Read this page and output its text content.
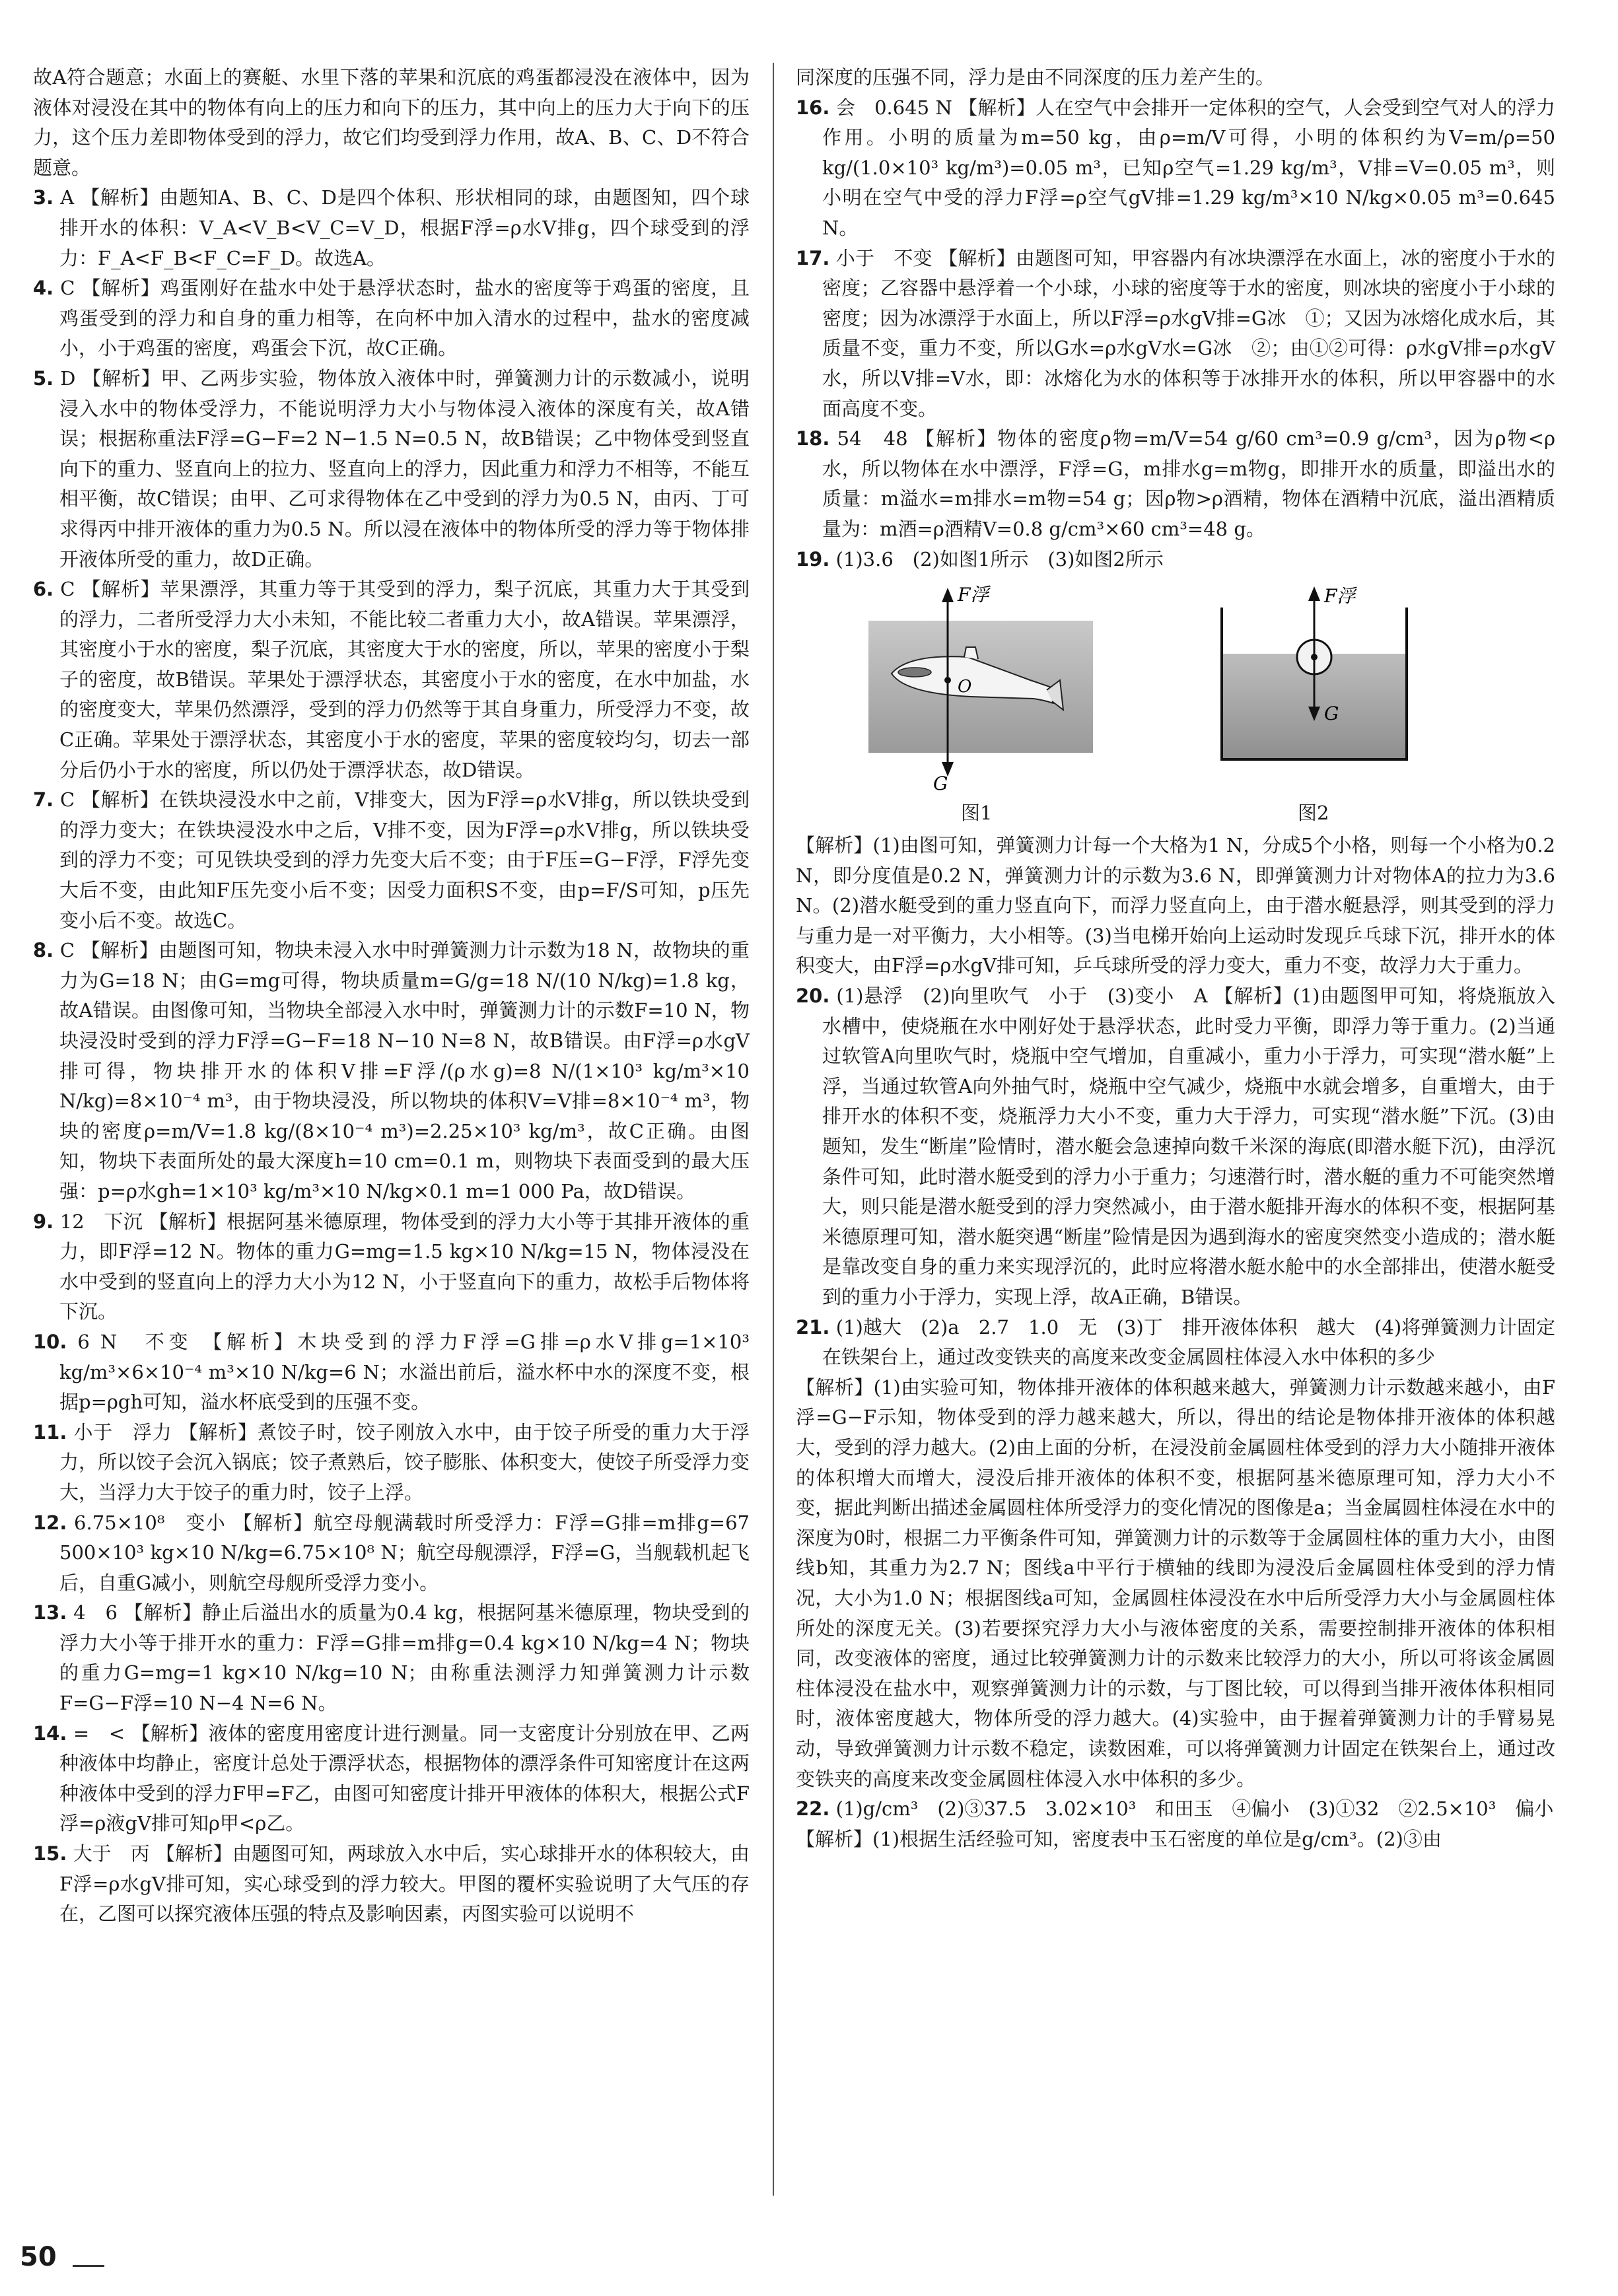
故A符合题意；水面上的赛艇、水里下落的苹果和沉底的鸡蛋都浸没在液体中，因为液体对浸没在其中的物体有向上的压力和向下的压力，其中向上的压力大于向下的压力，这个压力差即物体受到的浮力，故它们均受到浮力作用，故A、B、C、D不符合题意。

3. A 【解析】由题知A、B、C、D是四个体积、形状相同的球，由题图知，四个球排开水的体积：V_A<V_B<V_C=V_D，根据F浮=ρ水V排g，四个球受到的浮力：F_A<F_B<F_C=F_D。故选A。

4. C 【解析】鸡蛋刚好在盐水中处于悬浮状态时，盐水的密度等于鸡蛋的密度，且鸡蛋受到的浮力和自身的重力相等，在向杯中加入清水的过程中，盐水的密度减小，小于鸡蛋的密度，鸡蛋会下沉，故C正确。

5. D 【解析】甲、乙两步实验，物体放入液体中时，弹簧测力计的示数减小，说明浸入水中的物体受浮力，不能说明浮力大小与物体浸入液体的深度有关，故A错误；根据称重法F浮=G−F=2 N−1.5 N=0.5 N，故B错误；乙中物体受到竖直向下的重力、竖直向上的拉力、竖直向上的浮力，因此重力和浮力不相等，不能互相平衡，故C错误；由甲、乙可求得物体在乙中受到的浮力为0.5 N，由丙、丁可求得丙中排开液体的重力为0.5 N。所以浸在液体中的物体所受的浮力等于物体排开液体所受的重力，故D正确。

6. C 【解析】苹果漂浮，其重力等于其受到的浮力，梨子沉底，其重力大于其受到的浮力，二者所受浮力大小未知，不能比较二者重力大小，故A错误。苹果漂浮，其密度小于水的密度，梨子沉底，其密度大于水的密度，所以，苹果的密度小于梨子的密度，故B错误。苹果处于漂浮状态，其密度小于水的密度，在水中加盐，水的密度变大，苹果仍然漂浮，受到的浮力仍然等于其自身重力，所受浮力不变，故C正确。苹果处于漂浮状态，其密度小于水的密度，苹果的密度较均匀，切去一部分后仍小于水的密度，所以仍处于漂浮状态，故D错误。

7. C 【解析】在铁块浸没水中之前，V排变大，因为F浮=ρ水V排g，所以铁块受到的浮力变大；在铁块浸没水中之后，V排不变，因为F浮=ρ水V排g，所以铁块受到的浮力不变；可见铁块受到的浮力先变大后不变；由于F压=G−F浮，F浮先变大后不变，由此知F压先变小后不变；因受力面积S不变，由p=F/S可知，p压先变小后不变。故选C。

8. C 【解析】由题图可知，物块未浸入水中时弹簧测力计示数为18 N，故物块的重力为G=18 N；由G=mg可得，物块质量m=G/g=18 N/(10 N/kg)=1.8 kg，故A错误。由图像可知，当物块全部浸入水中时，弹簧测力计的示数F=10 N，物块浸没时受到的浮力F浮=G−F=18 N−10 N=8 N，故B错误。由F浮=ρ水gV排可得，物块排开水的体积V排=F浮/(ρ水g)=8 N/(1×10³ kg/m³×10 N/kg)=8×10⁻⁴ m³，由于物块浸没，所以物块的体积V=V排=8×10⁻⁴ m³，物块的密度ρ=m/V=1.8 kg/(8×10⁻⁴ m³)=2.25×10³ kg/m³，故C正确。由图知，物块下表面所处的最大深度h=10 cm=0.1 m，则物块下表面受到的最大压强：p=ρ水gh=1×10³ kg/m³×10 N/kg×0.1 m=1 000 Pa，故D错误。

9. 12　下沉 【解析】根据阿基米德原理，物体受到的浮力大小等于其排开液体的重力，即F浮=12 N。物体的重力G=mg=1.5 kg×10 N/kg=15 N，物体浸没在水中受到的竖直向上的浮力大小为12 N，小于竖直向下的重力，故松手后物体将下沉。

10. 6 N　不变 【解析】木块受到的浮力F浮=G排=ρ水V排g=1×10³ kg/m³×6×10⁻⁴ m³×10 N/kg=6 N；水溢出前后，溢水杯中水的深度不变，根据p=ρgh可知，溢水杯底受到的压强不变。

11. 小于　浮力 【解析】煮饺子时，饺子刚放入水中，由于饺子所受的重力大于浮力，所以饺子会沉入锅底；饺子煮熟后，饺子膨胀、体积变大，使饺子所受浮力变大，当浮力大于饺子的重力时，饺子上浮。

12. 6.75×10⁸　变小 【解析】航空母舰满载时所受浮力：F浮=G排=m排g=67 500×10³ kg×10 N/kg=6.75×10⁸ N；航空母舰漂浮，F浮=G，当舰载机起飞后，自重G减小，则航空母舰所受浮力变小。

13. 4　6 【解析】静止后溢出水的质量为0.4 kg，根据阿基米德原理，物块受到的浮力大小等于排开水的重力：F浮=G排=m排g=0.4 kg×10 N/kg=4 N；物块的重力G=mg=1 kg×10 N/kg=10 N；由称重法测浮力知弹簧测力计示数F=G−F浮=10 N−4 N=6 N。

14. =　< 【解析】液体的密度用密度计进行测量。同一支密度计分别放在甲、乙两种液体中均静止，密度计总处于漂浮状态，根据物体的漂浮条件可知密度计在这两种液体中受到的浮力F甲=F乙，由图可知密度计排开甲液体的体积大，根据公式F浮=ρ液gV排可知ρ甲<ρ乙。

15. 大于　丙 【解析】由题图可知，两球放入水中后，实心球排开水的体积较大，由F浮=ρ水gV排可知，实心球受到的浮力较大。甲图的覆杯实验说明了大气压的存在，乙图可以探究液体压强的特点及影响因素，丙图实验可以说明不

同深度的压强不同，浮力是由不同深度的压力差产生的。

16. 会　0.645 N 【解析】人在空气中会排开一定体积的空气，人会受到空气对人的浮力作用。小明的质量为m=50 kg，由ρ=m/V可得，小明的体积约为V=m/ρ=50 kg/(1.0×10³ kg/m³)=0.05 m³，已知ρ空气=1.29 kg/m³，V排=V=0.05 m³，则小明在空气中受的浮力F浮=ρ空气gV排=1.29 kg/m³×10 N/kg×0.05 m³=0.645 N。

17. 小于　不变 【解析】由题图可知，甲容器内有冰块漂浮在水面上，冰的密度小于水的密度；乙容器中悬浮着一个小球，小球的密度等于水的密度，则冰块的密度小于小球的密度；因为冰漂浮于水面上，所以F浮=ρ水gV排=G冰　①；又因为冰熔化成水后，其质量不变，重力不变，所以G水=ρ水gV水=G冰　②；由①②可得：ρ水gV排=ρ水gV水，所以V排=V水，即：冰熔化为水的体积等于冰排开水的体积，所以甲容器中的水面高度不变。

18. 54　48 【解析】物体的密度ρ物=m/V=54 g/60 cm³=0.9 g/cm³，因为ρ物<ρ水，所以物体在水中漂浮，F浮=G，m排水g=m物g，即排开水的质量，即溢出水的质量：m溢水=m排水=m物=54 g；因ρ物>ρ酒精，物体在酒精中沉底，溢出酒精质量为：m酒=ρ酒精V=0.8 g/cm³×60 cm³=48 g。

19. (1)3.6　(2)如图1所示　(3)如图2所示

F浮
O
G
图1
F浮
G
图2

【解析】(1)由图可知，弹簧测力计每一个大格为1 N，分成5个小格，则每一个小格为0.2 N，即分度值是0.2 N，弹簧测力计的示数为3.6 N，即弹簧测力计对物体A的拉力为3.6 N。(2)潜水艇受到的重力竖直向下，而浮力竖直向上，由于潜水艇悬浮，则其受到的浮力与重力是一对平衡力，大小相等。(3)当电梯开始向上运动时发现乒乓球下沉，排开水的体积变大，由F浮=ρ水gV排可知，乒乓球所受的浮力变大，重力不变，故浮力大于重力。

20. (1)悬浮　(2)向里吹气　小于　(3)变小　A 【解析】(1)由题图甲可知，将烧瓶放入水槽中，使烧瓶在水中刚好处于悬浮状态，此时受力平衡，即浮力等于重力。(2)当通过软管A向里吹气时，烧瓶中空气增加，自重减小，重力小于浮力，可实现“潜水艇”上浮，当通过软管A向外抽气时，烧瓶中空气减少，烧瓶中水就会增多，自重增大，由于排开水的体积不变，烧瓶浮力大小不变，重力大于浮力，可实现“潜水艇”下沉。(3)由题知，发生“断崖”险情时，潜水艇会急速掉向数千米深的海底(即潜水艇下沉)，由浮沉条件可知，此时潜水艇受到的浮力小于重力；匀速潜行时，潜水艇的重力不可能突然增大，则只能是潜水艇受到的浮力突然减小，由于潜水艇排开海水的体积不变，根据阿基米德原理可知，潜水艇突遇“断崖”险情是因为遇到海水的密度突然变小造成的；潜水艇是靠改变自身的重力来实现浮沉的，此时应将潜水艇水舱中的水全部排出，使潜水艇受到的重力小于浮力，实现上浮，故A正确，B错误。

21. (1)越大　(2)a　2.7　1.0　无　(3)丁　排开液体体积　越大　(4)将弹簧测力计固定在铁架台上，通过改变铁夹的高度来改变金属圆柱体浸入水中体积的多少

【解析】(1)由实验可知，物体排开液体的体积越来越大，弹簧测力计示数越来越小，由F浮=G−F示知，物体受到的浮力越来越大，所以，得出的结论是物体排开液体的体积越大，受到的浮力越大。(2)由上面的分析，在浸没前金属圆柱体受到的浮力大小随排开液体的体积增大而增大，浸没后排开液体的体积不变，根据阿基米德原理可知，浮力大小不变，据此判断出描述金属圆柱体所受浮力的变化情况的图像是a；当金属圆柱体浸在水中的深度为0时，根据二力平衡条件可知，弹簧测力计的示数等于金属圆柱体的重力大小，由图线b知，其重力为2.7 N；图线a中平行于横轴的线即为浸没后金属圆柱体受到的浮力情况，大小为1.0 N；根据图线a可知，金属圆柱体浸没在水中后所受浮力大小与金属圆柱体所处的深度无关。(3)若要探究浮力大小与液体密度的关系，需要控制排开液体的体积相同，改变液体的密度，通过比较弹簧测力计的示数来比较浮力的大小，所以可将该金属圆柱体浸没在盐水中，观察弹簧测力计的示数，与丁图比较，可以得到当排开液体体积相同时，液体密度越大，物体所受的浮力越大。(4)实验中，由于握着弹簧测力计的手臂易晃动，导致弹簧测力计示数不稳定，读数困难，可以将弹簧测力计固定在铁架台上，通过改变铁夹的高度来改变金属圆柱体浸入水中体积的多少。

22. (1)g/cm³　(2)③37.5　3.02×10³　和田玉　④偏小　(3)①32　②2.5×10³　偏小

【解析】(1)根据生活经验可知，密度表中玉石密度的单位是g/cm³。(2)③由

50
